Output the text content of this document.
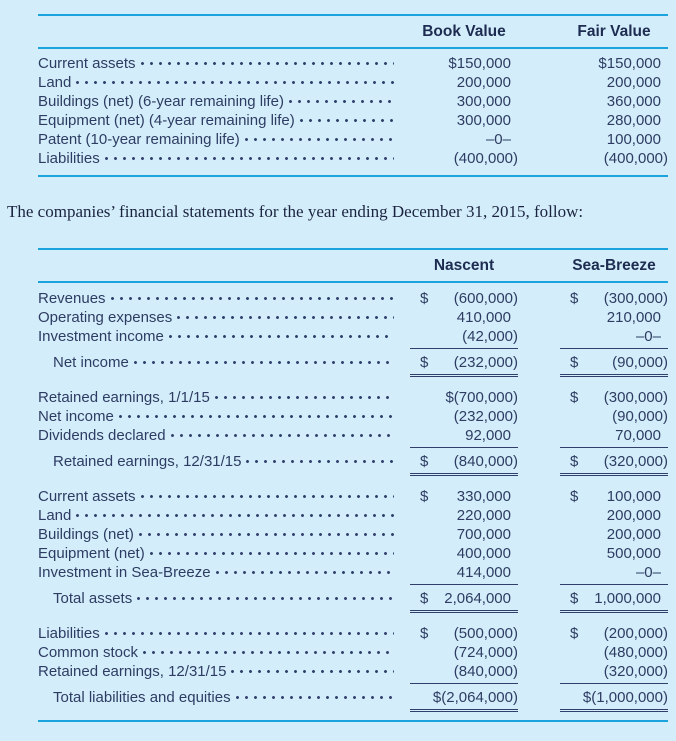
Book Value	Fair Value
Current assets	$150,000	$150,000
Land	200,000	200,000
Buildings (net) (6-year remaining life)	300,000	360,000
Equipment (net) (4-year remaining life)	300,000	280,000
Patent (10-year remaining life)	–0–	100,000
Liabilities	(400,000)	(400,000)

The companies’ financial statements for the year ending December 31, 2015, follow:

Nascent	Sea-Breeze
Revenues	$ (600,000)	$ (300,000)
Operating expenses	410,000	210,000
Investment income	(42,000)	–0–
Net income	$ (232,000)	$ (90,000)
Retained earnings, 1/1/15	$(700,000)	$ (300,000)
Net income	(232,000)	(90,000)
Dividends declared	92,000	70,000
Retained earnings, 12/31/15	$ (840,000)	$ (320,000)
Current assets	$ 330,000	$ 100,000
Land	220,000	200,000
Buildings (net)	700,000	200,000
Equipment (net)	400,000	500,000
Investment in Sea-Breeze	414,000	–0–
Total assets	$ 2,064,000	$ 1,000,000
Liabilities	$ (500,000)	$ (200,000)
Common stock	(724,000)	(480,000)
Retained earnings, 12/31/15	(840,000)	(320,000)
Total liabilities and equities	$(2,064,000)	$(1,000,000)
